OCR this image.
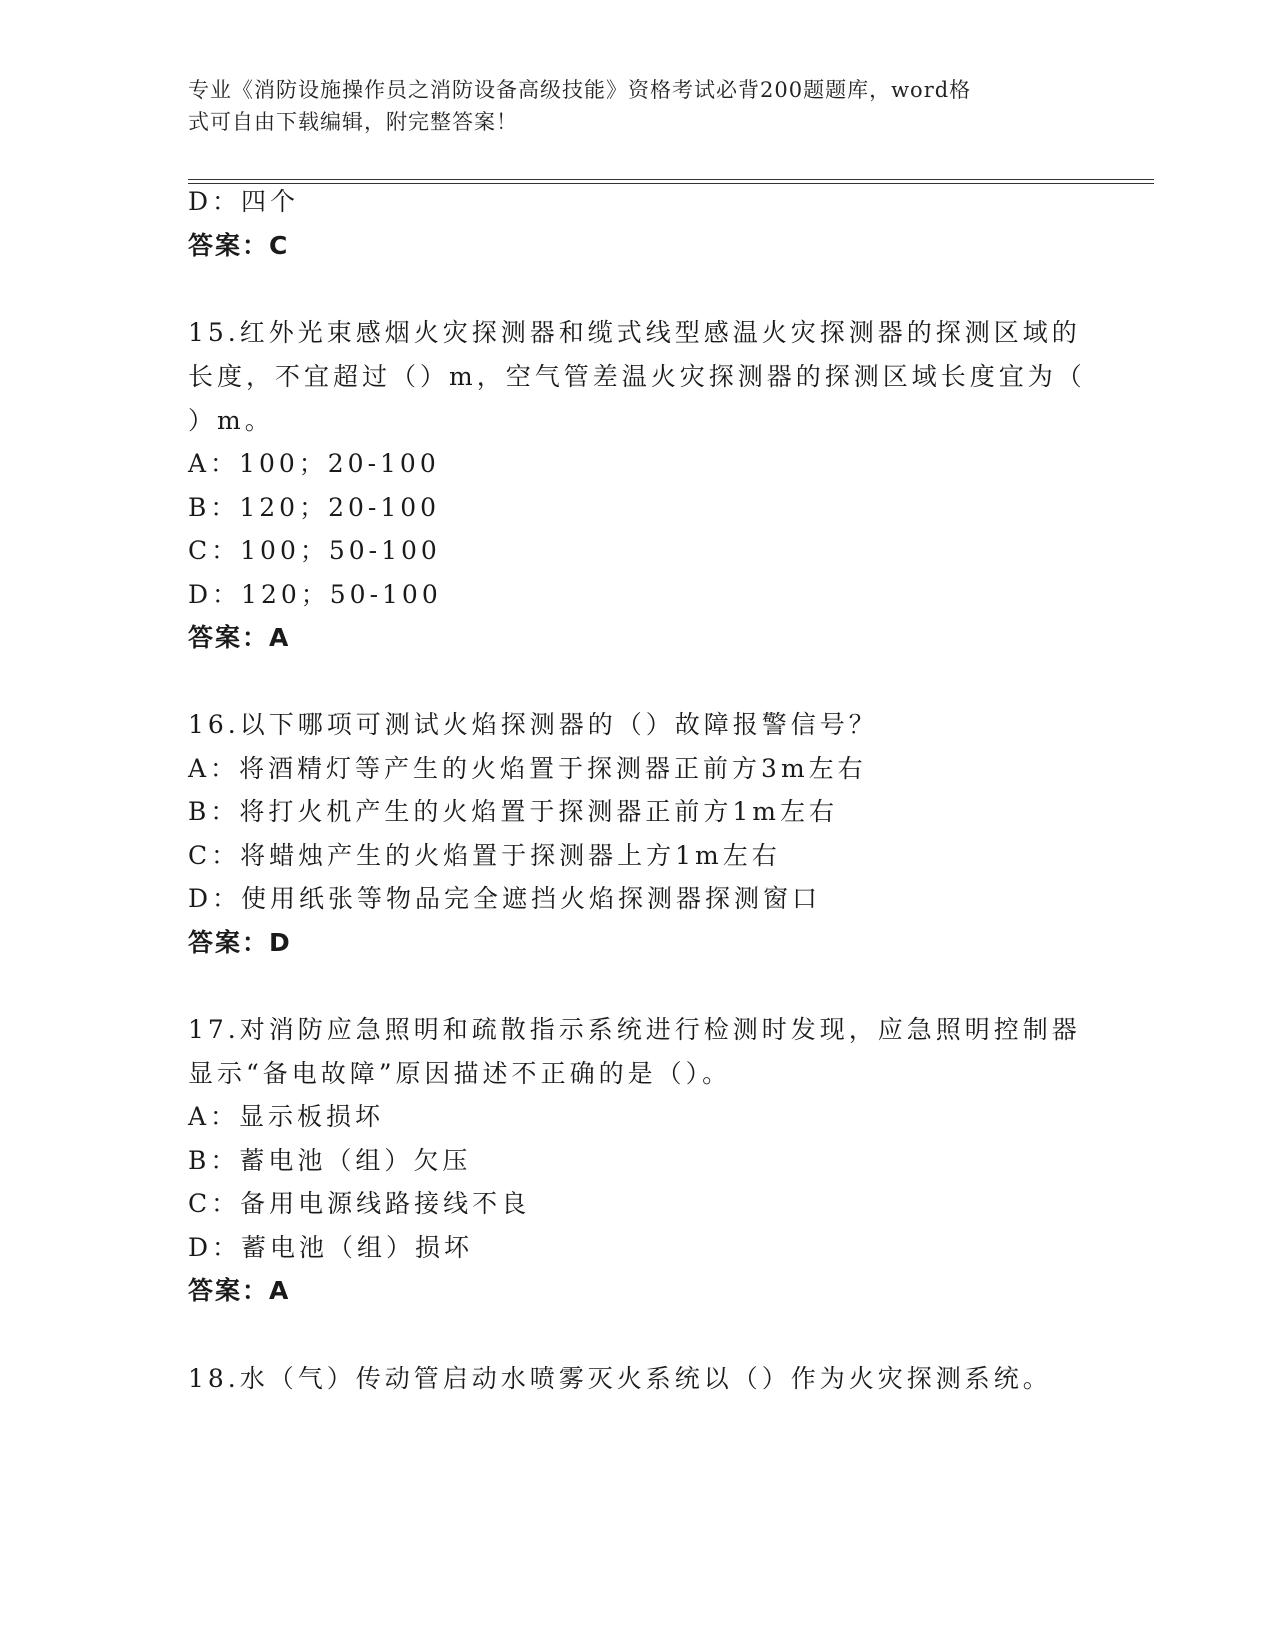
专业《消防设施操作员之消防设备高级技能》资格考试必背200题题库，word格
式可自由下载编辑，附完整答案！
D：四个
答案：C
15.红外光束感烟火灾探测器和缆式线型感温火灾探测器的探测区域的
长度，不宜超过（）m，空气管差温火灾探测器的探测区域长度宜为（
）m。
A：100；20-100
B：120；20-100
C：100；50-100
D：120；50-100
答案：A
16.以下哪项可测试火焰探测器的（）故障报警信号？
A：将酒精灯等产生的火焰置于探测器正前方3m左右
B：将打火机产生的火焰置于探测器正前方1m左右
C：将蜡烛产生的火焰置于探测器上方1m左右
D：使用纸张等物品完全遮挡火焰探测器探测窗口
答案：D
17.对消防应急照明和疏散指示系统进行检测时发现，应急照明控制器
显示“备电故障”原因描述不正确的是（）。
A：显示板损坏
B：蓄电池（组）欠压
C：备用电源线路接线不良
D：蓄电池（组）损坏
答案：A
18.水（气）传动管启动水喷雾灭火系统以（）作为火灾探测系统。
